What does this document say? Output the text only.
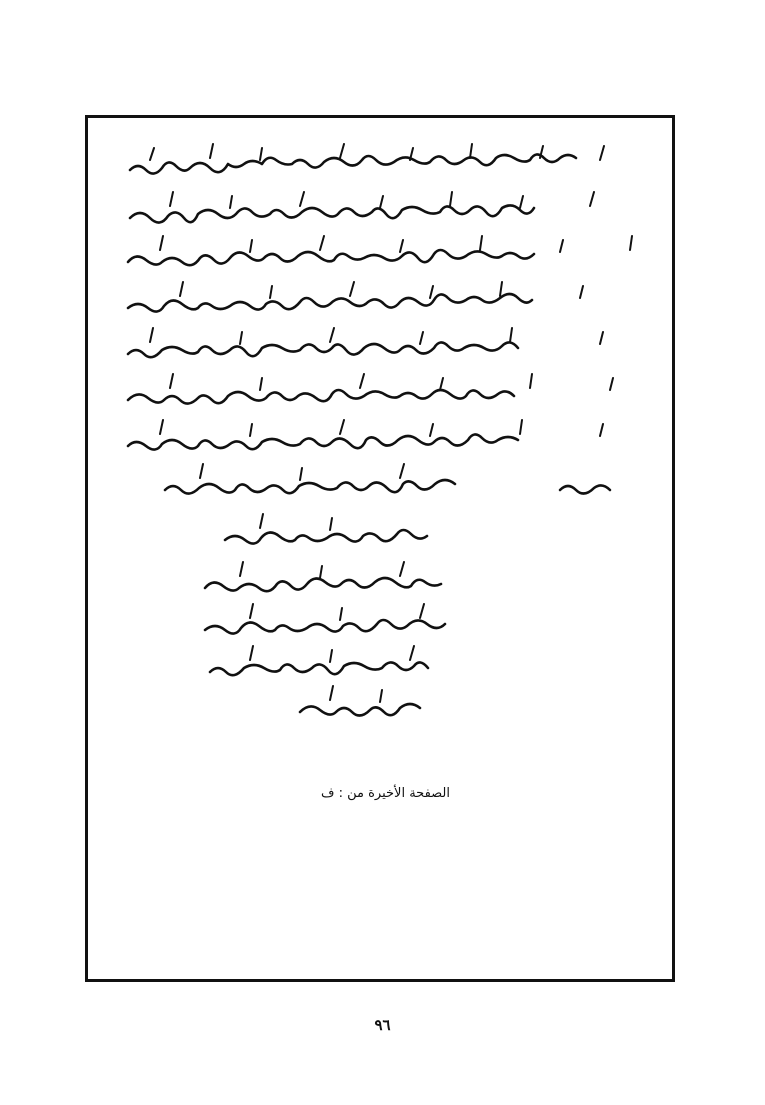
الصفحة الأخيرة من : ف
٩٦
